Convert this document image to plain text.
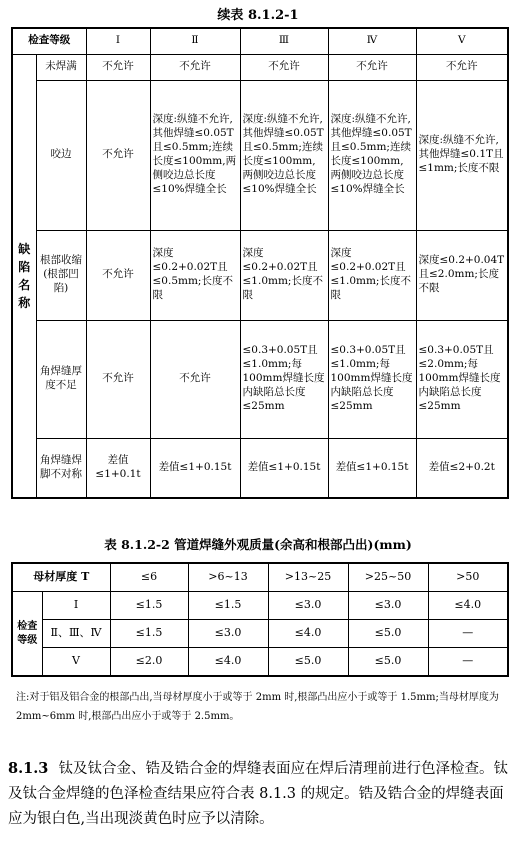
续表 8.1.2-1
检查等级		Ⅰ	Ⅱ	Ⅲ	Ⅳ	Ⅴ
缺陷名称	未焊满	不允许	不允许	不允许	不允许	不允许
	咬边	不允许	深度:纵缝不允许,其他焊缝≤0.05T且≤0.5mm;连续长度≤100mm,两侧咬边总长度≤10%焊缝全长	深度:纵缝不允许,其他焊缝≤0.05T且≤0.5mm;连续长度≤100mm,两侧咬边总长度≤10%焊缝全长	深度:纵缝不允许,其他焊缝≤0.05T且≤0.5mm;连续长度≤100mm,两侧咬边总长度≤10%焊缝全长	深度:纵缝不允许,其他焊缝≤0.1T且≤1mm;长度不限
	根部收缩(根部凹陷)	不允许	深度≤0.2+0.02T且≤0.5mm;长度不限	深度≤0.2+0.02T且≤1.0mm;长度不限	深度≤0.2+0.02T且≤1.0mm;长度不限	深度≤0.2+0.04T且≤2.0mm;长度不限
	角焊缝厚度不足	不允许	不允许	≤0.3+0.05T且≤1.0mm;每100mm焊缝长度内缺陷总长度≤25mm	≤0.3+0.05T且≤1.0mm;每100mm焊缝长度内缺陷总长度≤25mm	≤0.3+0.05T且≤2.0mm;每100mm焊缝长度内缺陷总长度≤25mm
	角焊缝焊脚不对称	差值≤1+0.1t	差值≤1+0.15t	差值≤1+0.15t	差值≤1+0.15t	差值≤2+0.2t
表 8.1.2-2 管道焊缝外观质量(余高和根部凸出)(mm)
母材厚度 T		≤6	>6~13	>13~25	>25~50	>50
检查等级	Ⅰ	≤1.5	≤1.5	≤3.0	≤3.0	≤4.0
	Ⅱ、Ⅲ、Ⅳ	≤1.5	≤3.0	≤4.0	≤5.0	—
	Ⅴ	≤2.0	≤4.0	≤5.0	≤5.0	—
注:对于铝及铝合金的根部凸出,当母材厚度小于或等于 2mm 时,根部凸出应小于或等于 1.5mm;当母材厚度为 2mm~6mm 时,根部凸出应小于或等于 2.5mm。
8.1.3 钛及钛合金、锆及锆合金的焊缝表面应在焊后清理前进行色泽检查。钛及钛合金焊缝的色泽检查结果应符合表 8.1.3 的规定。锆及锆合金的焊缝表面应为银白色,当出现淡黄色时应予以清除。
